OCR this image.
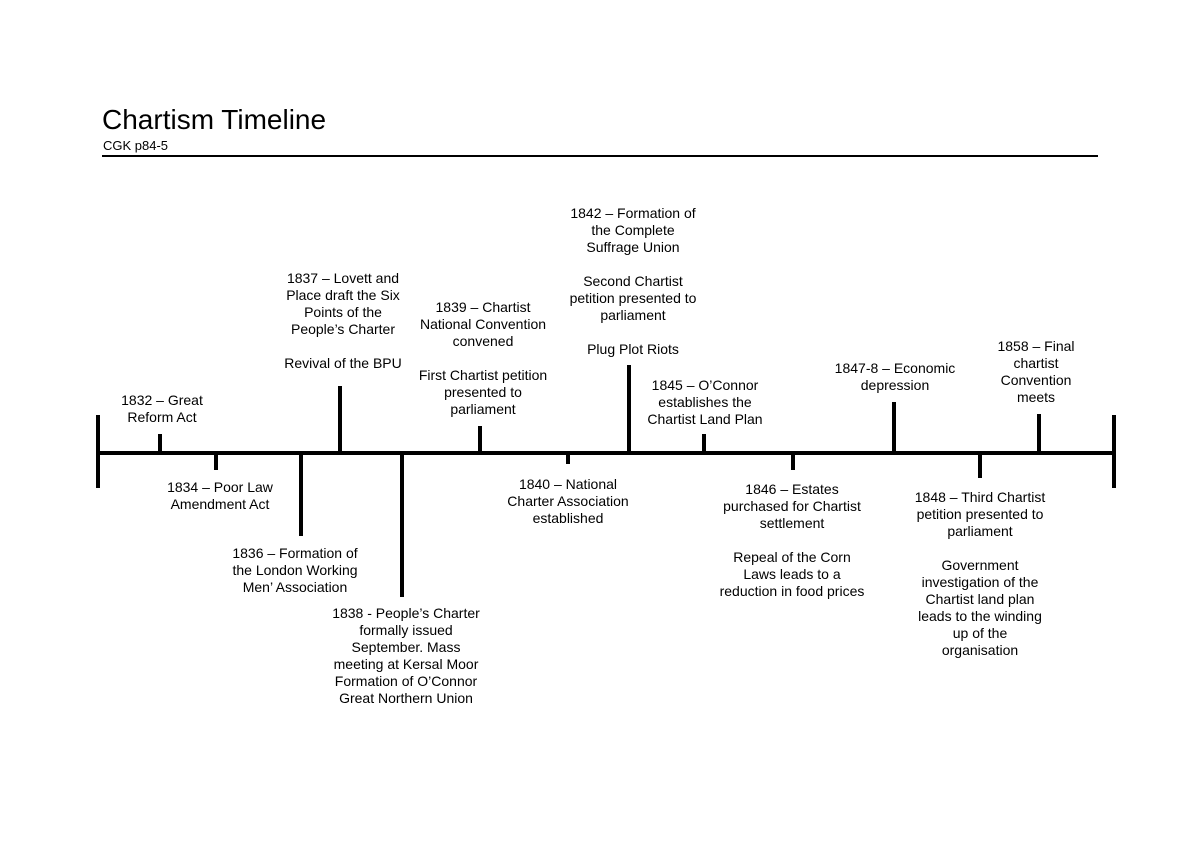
Chartism Timeline
CGK p84-5
1832 – Great
Reform Act
1834 – Poor Law
Amendment Act
1836 – Formation of
the London Working
Men’ Association
1837 – Lovett and
Place draft the Six
Points of the
People’s Charter
Revival of the BPU
1838 - People’s Charter
formally issued
September. Mass
meeting at Kersal Moor
Formation of O’Connor
Great Northern Union
1839 – Chartist
National Convention
convened
First Chartist petition
presented to
parliament
1840 – National
Charter Association
established
1842 – Formation of
the Complete
Suffrage Union
Second Chartist
petition presented to
parliament
Plug Plot Riots
1845 – O’Connor
establishes the
Chartist Land Plan
1846 – Estates
purchased for Chartist
settlement
Repeal of the Corn
Laws leads to a
reduction in food prices
1847-8 – Economic
depression
1848 – Third Chartist
petition presented to
parliament
Government
investigation of the
Chartist land plan
leads to the winding
up of the
organisation
1858 – Final
chartist
Convention
meets
